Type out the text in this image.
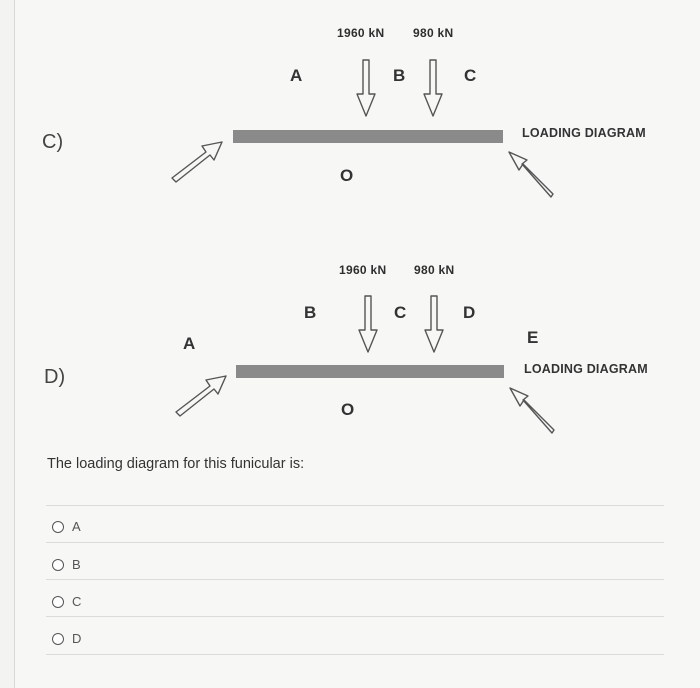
C)
1960 kN 980 kN
A	B	C
LOADING DIAGRAM
O
D)
1960 kN 980 kN
B	C	D
A	E
LOADING DIAGRAM
O
The loading diagram for this funicular is:
A
B
C
D
